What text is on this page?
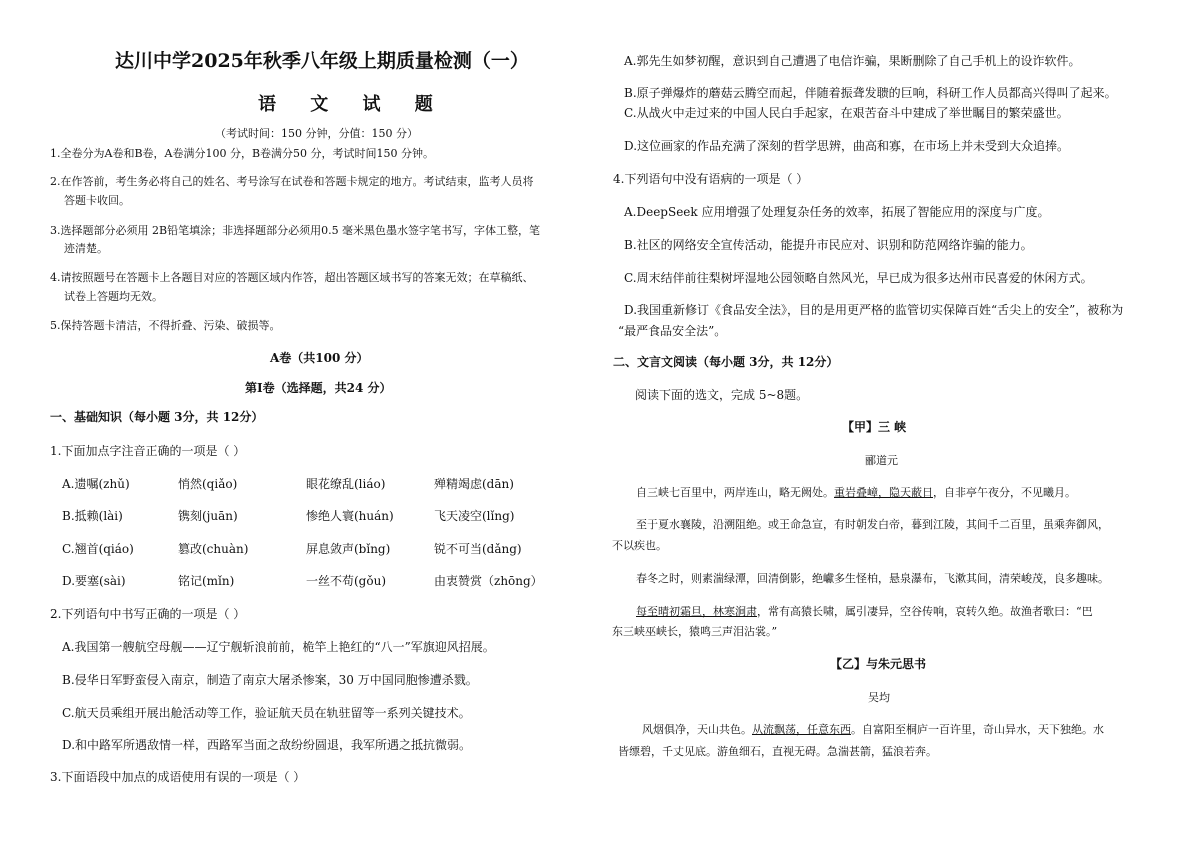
达川中学2025年秋季八年级上期质量检测（一）
语 文 试 题
（考试时间：150 分钟，分值：150 分）
1.全卷分为A卷和B卷，A卷满分100 分，B卷满分50 分，考试时间150 分钟。
2.在作答前，考生务必将自己的姓名、考号涂写在试卷和答题卡规定的地方。考试结束，监考人员将
答题卡收回。
3.选择题部分必须用 2B铅笔填涂；非选择题部分必须用0.5 毫米黑色墨水签字笔书写，字体工整，笔
迹清楚。
4.请按照题号在答题卡上各题目对应的答题区域内作答，超出答题区域书写的答案无效；在草稿纸、
试卷上答题均无效。
5.保持答题卡清洁，不得折叠、污染、破损等。
A卷（共100 分）
第Ⅰ卷（选择题，共24 分）
一、基础知识（每小题 3分，共 12分）
1.下面加点字注音正确的一项是（ ）
A.遗嘱(zhǔ)	悄然(qiǎo)	眼花缭乱(liáo)	殚精竭虑(dān)
B.抵赖(lài)	镌刻(juān)	惨绝人寰(huán)	飞天凌空(lǐng)
C.翘首(qiáo)	篡改(chuàn)	屏息敛声(bǐng)	锐不可当(dǎng)
D.要塞(sài)	铭记(mǐn)	一丝不苟(gǒu)	由衷赞赏（zhōng）
2.下列语句中书写正确的一项是（ ）
A.我国第一艘航空母舰——辽宁舰斩浪前前，桅竿上艳红的“八一”军旗迎风招展。
B.侵华日军野蛮侵入南京，制造了南京大屠杀惨案，30 万中国同胞惨遭杀戮。
C.航天员乘组开展出舱活动等工作，验证航天员在轨驻留等一系列关键技术。
D.和中路军所遇敌情一样，西路军当面之敌纷纷圆退，我军所遇之抵抗微弱。
3.下面语段中加点的成语使用有误的一项是（ ）
A.郭先生如梦初醒，意识到自己遭遇了电信诈骗，果断删除了自己手机上的设诈软件。
B.原子弹爆炸的蘑菇云腾空而起，伴随着振聋发聩的巨响，科研工作人员都高兴得叫了起来。
C.从战火中走过来的中国人民白手起家，在艰苦奋斗中建成了举世瞩目的繁荣盛世。
D.这位画家的作品充满了深刻的哲学思辨，曲高和寡，在市场上并未受到大众追捧。
4.下列语句中没有语病的一项是（ ）
A.DeepSeek 应用增强了处理复杂任务的效率，拓展了智能应用的深度与广度。
B.社区的网络安全宣传活动，能提升市民应对、识别和防范网络诈骗的能力。
C.周末结伴前往梨树坪湿地公园领略自然风光，早已成为很多达州市民喜爱的休闲方式。
D.我国重新修订《食品安全法》，目的是用更严格的监管切实保障百姓“舌尖上的安全”，被称为
“最严食品安全法”。
二、文言文阅读（每小题 3分，共 12分）
阅读下面的选文，完成 5~8题。
【甲】三 峡
郦道元
自三峡七百里中，两岸连山，略无阙处。重岩叠嶂，隐天蔽日，自非亭午夜分，不见曦月。
至于夏水襄陵，沿溯阻绝。或王命急宣，有时朝发白帝，暮到江陵，其间千二百里，虽乘奔御风，
不以疾也。
春冬之时，则素湍绿潭，回清倒影，绝巘多生怪柏，悬泉瀑布，飞漱其间，清荣峻茂，良多趣味。
每至晴初霜旦，林寒涧肃，常有高猿长啸，属引凄异，空谷传响，哀转久绝。故渔者歌曰：“巴
东三峡巫峡长，猿鸣三声泪沾裳。”
【乙】与朱元思书
吴均
风烟俱净，天山共色。从流飘荡，任意东西。自富阳至桐庐一百许里，奇山异水，天下独绝。水
皆缥碧，千丈见底。游鱼细石，直视无碍。急湍甚箭，猛浪若奔。
